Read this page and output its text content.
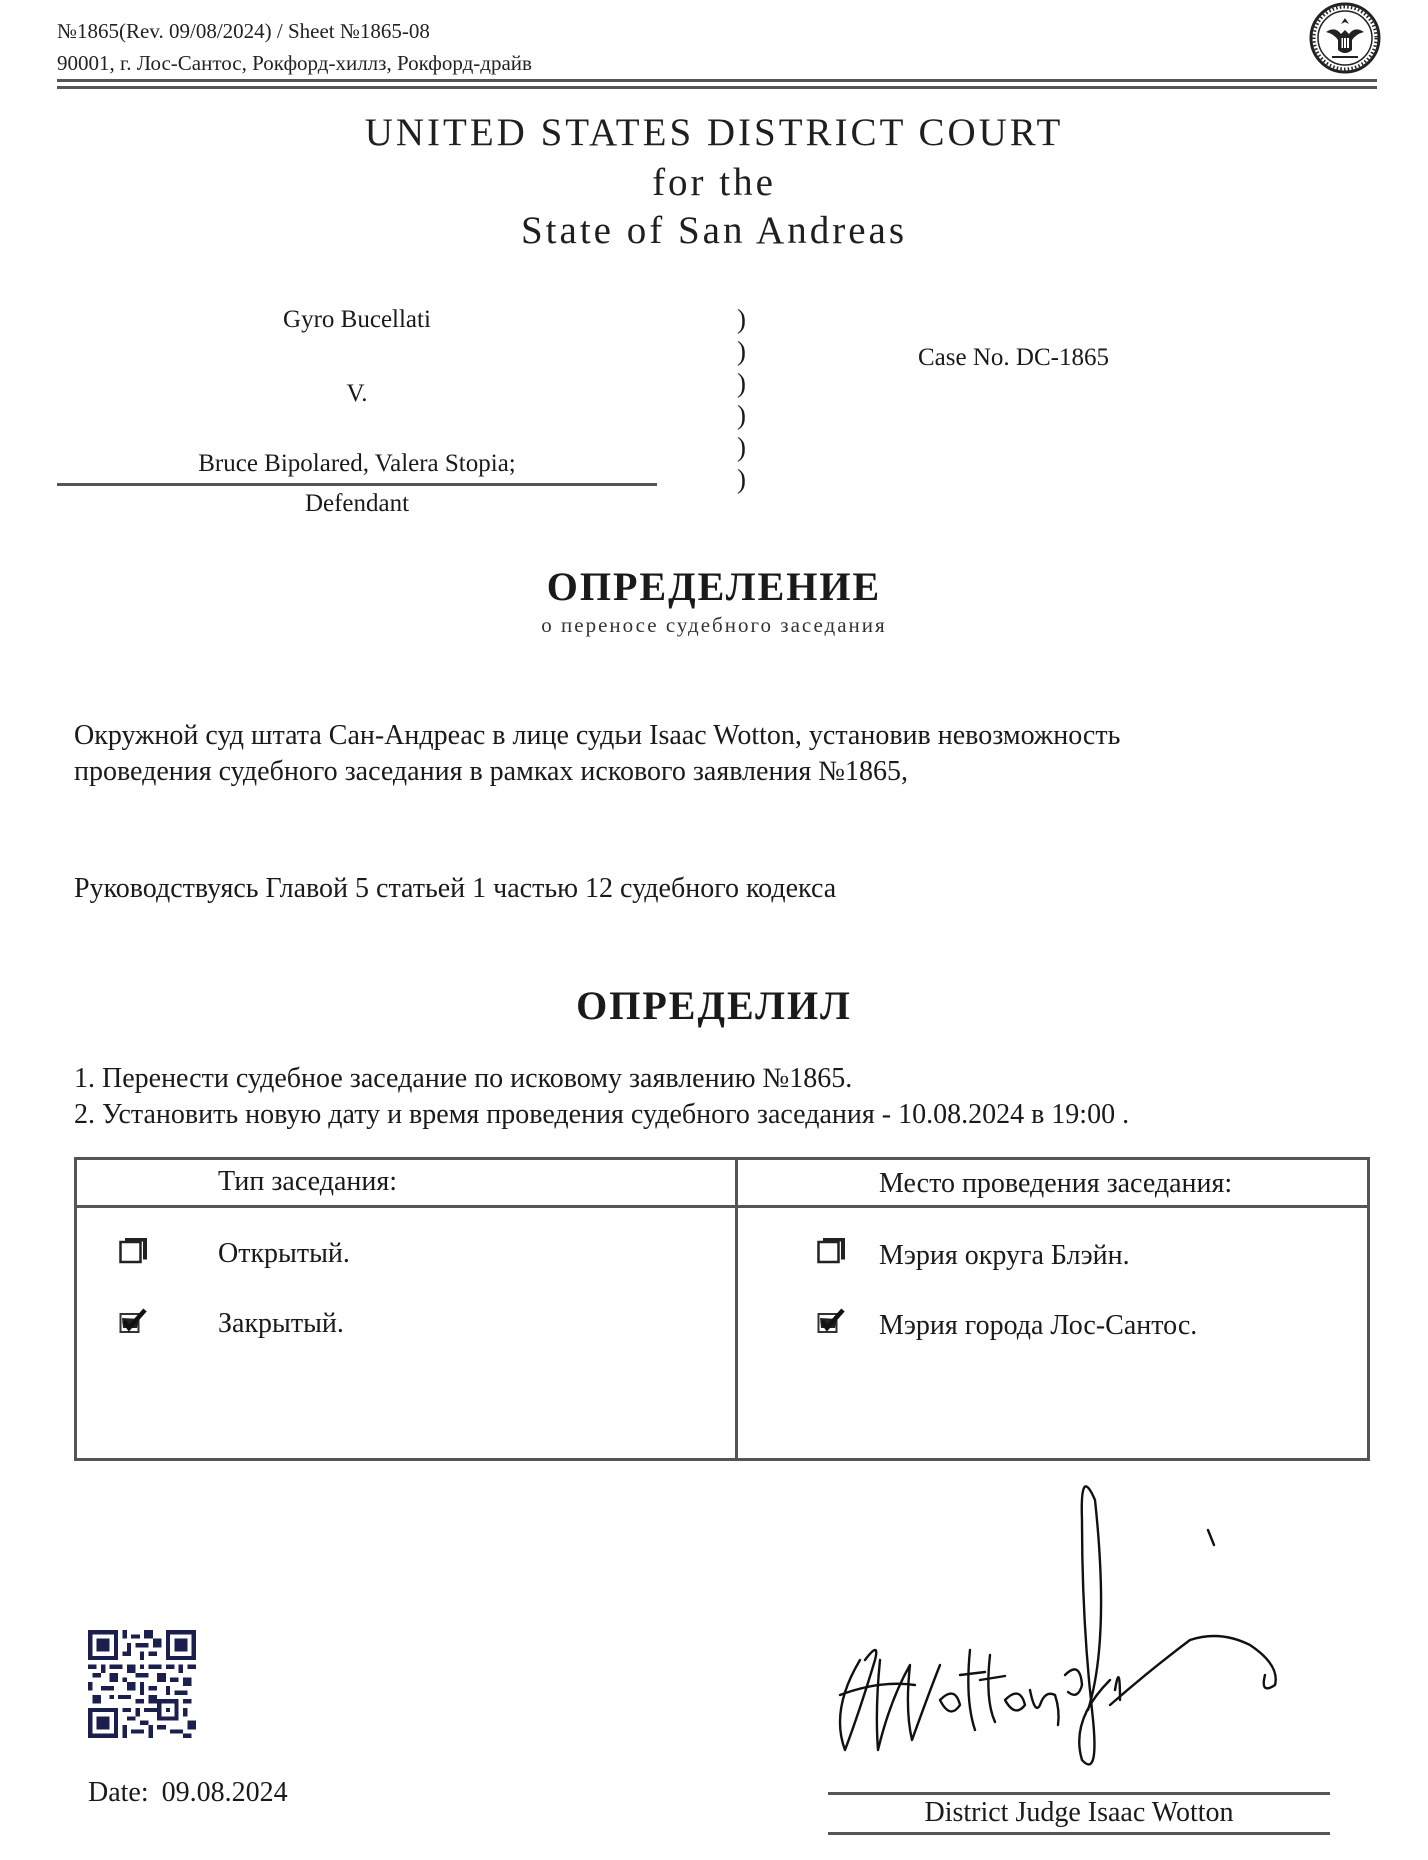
№1865(Rev. 09/08/2024) / Sheet №1865-08
90001, г. Лос-Сантос, Рокфорд-хиллз, Рокфорд-драйв
UNITED STATES DISTRICT COURT
for the
State of San Andreas
Gyro Bucellati
V.
Bruce Bipolared, Valera Stopia;
Defendant
)
)
)
)
)
)
Case No. DC-1865
ОПРЕДЕЛЕНИЕ
о переносе судебного заседания
Окружной суд штата Сан-Андреас в лице судьи Isaac Wotton, установив невозможность
проведения судебного заседания в рамках искового заявления №1865,
Руководствуясь Главой 5 статьей 1 частью 12 судебного кодекса
ОПРЕДЕЛИЛ
1. Перенести судебное заседание по исковому заявлению №1865.
2. Установить новую дату и время проведения судебного заседания - 10.08.2024 в 19:00 .
Тип заседания:	Место проведения заседания:
Открытый.
Закрытый.
Мэрия округа Блэйн.
Мэрия города Лос-Сантос.
Date: 09.08.2024
District Judge Isaac Wotton
